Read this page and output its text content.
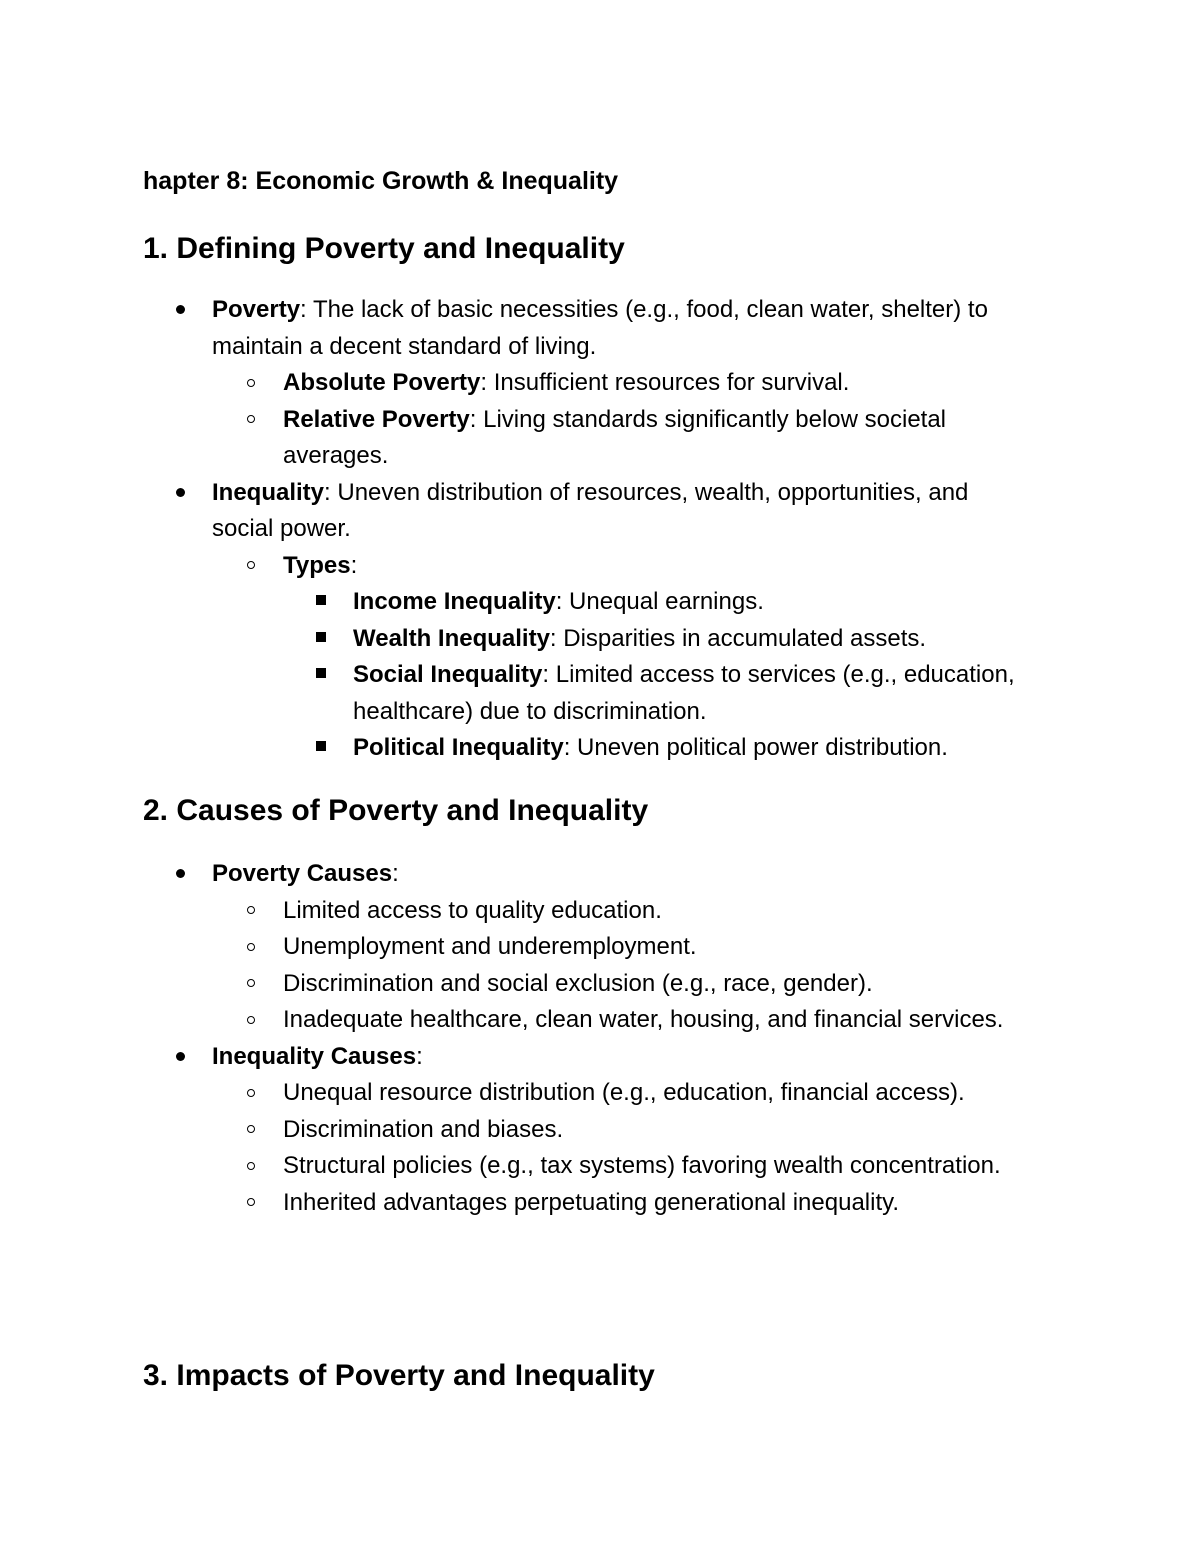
hapter 8: Economic Growth & Inequality
1. Defining Poverty and Inequality
Poverty: The lack of basic necessities (e.g., food, clean water, shelter) to maintain a decent standard of living.
Absolute Poverty: Insufficient resources for survival.
Relative Poverty: Living standards significantly below societal averages.
Inequality: Uneven distribution of resources, wealth, opportunities, and social power.
Types:
Income Inequality: Unequal earnings.
Wealth Inequality: Disparities in accumulated assets.
Social Inequality: Limited access to services (e.g., education, healthcare) due to discrimination.
Political Inequality: Uneven political power distribution.
2. Causes of Poverty and Inequality
Poverty Causes:
Limited access to quality education.
Unemployment and underemployment.
Discrimination and social exclusion (e.g., race, gender).
Inadequate healthcare, clean water, housing, and financial services.
Inequality Causes:
Unequal resource distribution (e.g., education, financial access).
Discrimination and biases.
Structural policies (e.g., tax systems) favoring wealth concentration.
Inherited advantages perpetuating generational inequality.
3. Impacts of Poverty and Inequality
